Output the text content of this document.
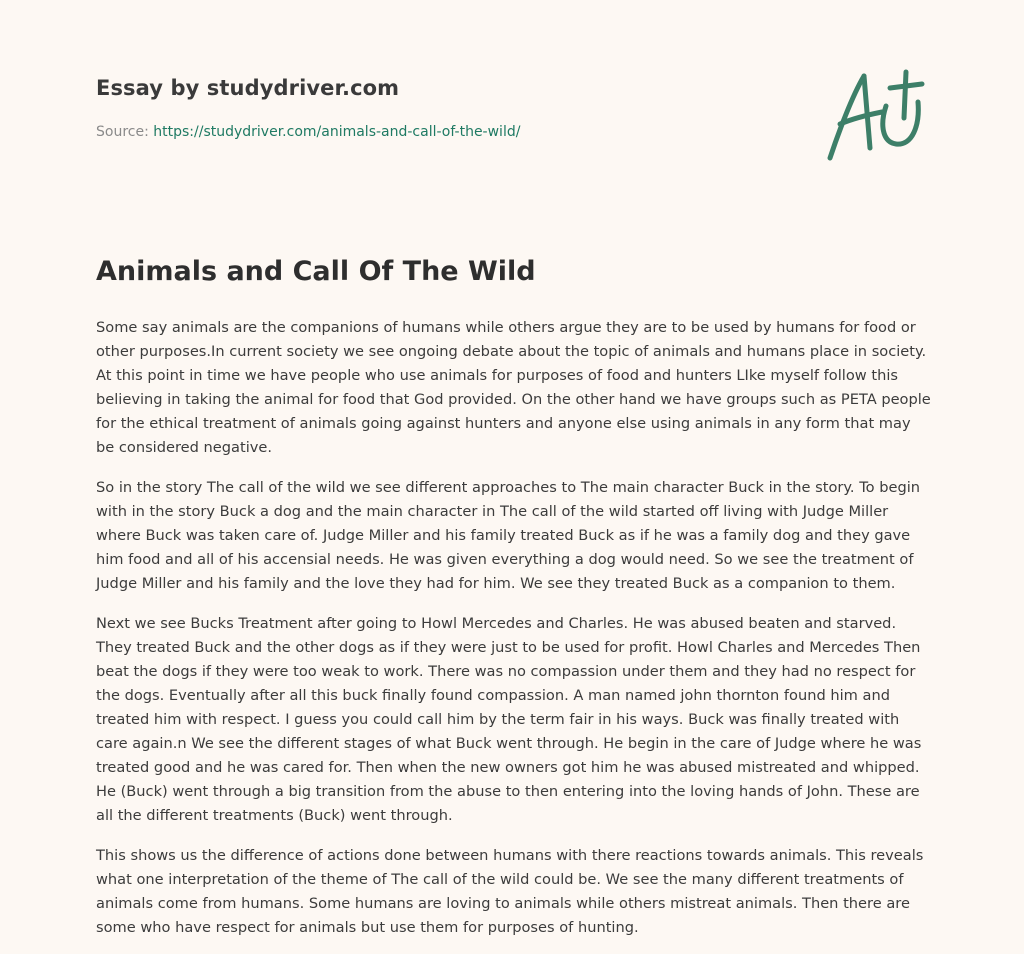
Essay by studydriver.com

Source: https://studydriver.com/animals-and-call-of-the-wild/

Animals and Call Of The Wild

Some say animals are the companions of humans while others argue they are to be used by humans for food or other purposes.In current society we see ongoing debate about the topic of animals and humans place in society. At this point in time we have people who use animals for purposes of food and hunters LIke myself follow this believing in taking the animal for food that God provided. On the other hand we have groups such as PETA people for the ethical treatment of animals going against hunters and anyone else using animals in any form that may be considered negative.

So in the story The call of the wild we see different approaches to The main character Buck in the story. To begin with in the story Buck a dog and the main character in The call of the wild started off living with Judge Miller where Buck was taken care of. Judge Miller and his family treated Buck as if he was a family dog and they gave him food and all of his accensial needs. He was given everything a dog would need. So we see the treatment of Judge Miller and his family and the love they had for him. We see they treated Buck as a companion to them.

Next we see Bucks Treatment after going to Howl Mercedes and Charles. He was abused beaten and starved. They treated Buck and the other dogs as if they were just to be used for profit. Howl Charles and Mercedes Then beat the dogs if they were too weak to work. There was no compassion under them and they had no respect for the dogs. Eventually after all this buck finally found compassion. A man named john thornton found him and treated him with respect. I guess you could call him by the term fair in his ways. Buck was finally treated with care again.n We see the different stages of what Buck went through. He begin in the care of Judge where he was treated good and he was cared for. Then when the new owners got him he was abused mistreated and whipped. He (Buck) went through a big transition from the abuse to then entering into the loving hands of John. These are all the different treatments (Buck) went through.

This shows us the difference of actions done between humans with there reactions towards animals. This reveals what one interpretation of the theme of The call of the wild could be. We see the many different treatments of animals come from humans. Some humans are loving to animals while others mistreat animals. Then there are some who have respect for animals but use them for purposes of hunting.
